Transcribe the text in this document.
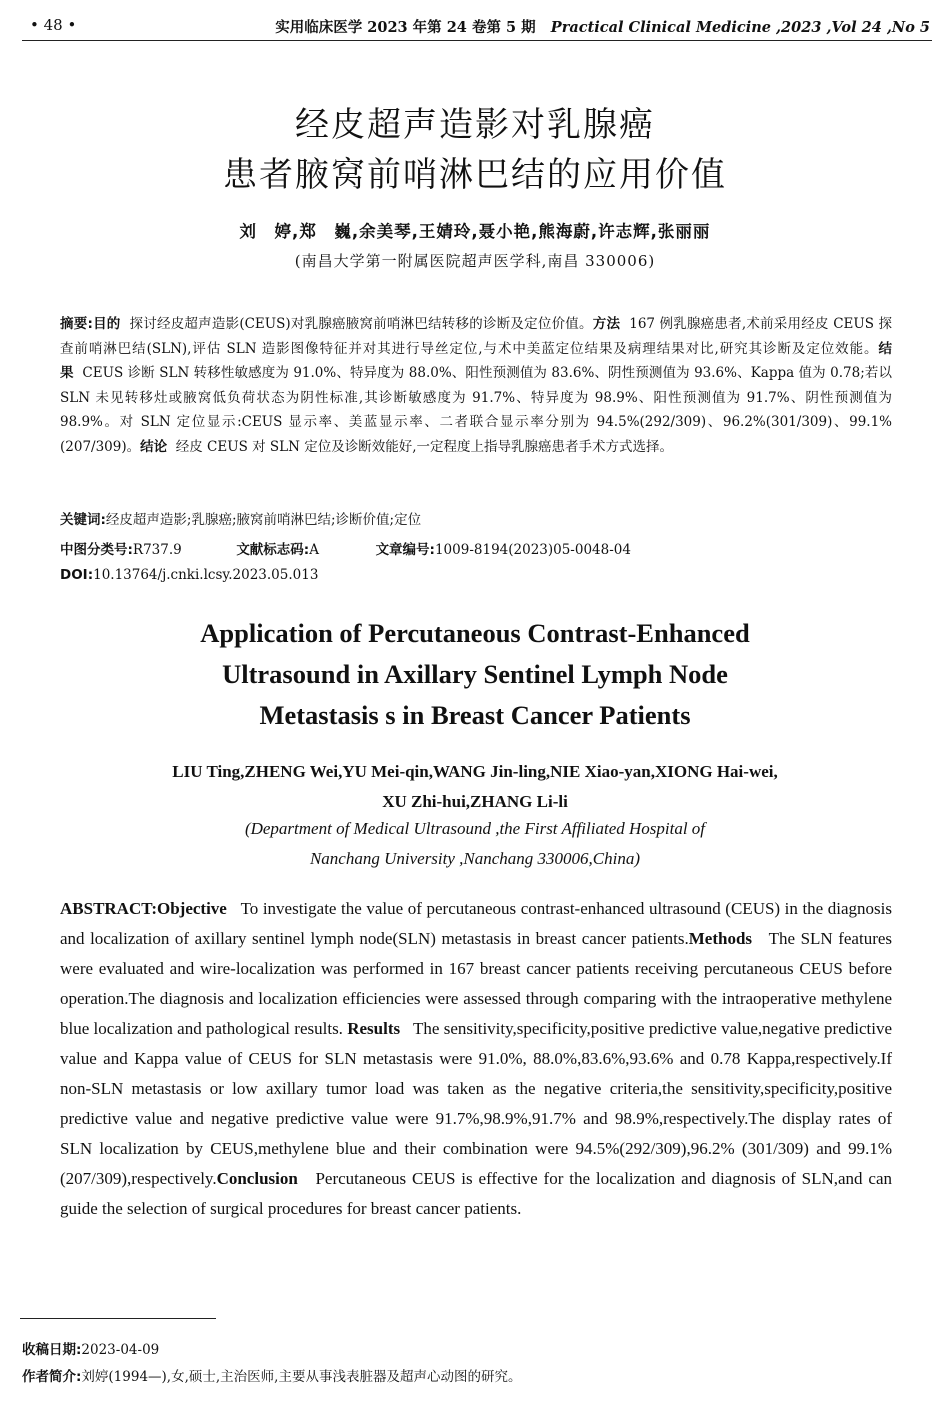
• 48 •	实用临床医学 2023 年第 24 卷第 5 期 Practical Clinical Medicine ,2023 ,Vol 24 ,No 5
经皮超声造影对乳腺癌
患者腋窝前哨淋巴结的应用价值
刘　婷,郑　巍,余美琴,王婧玲,聂小艳,熊海蔚,许志辉,张丽丽
(南昌大学第一附属医院超声医学科,南昌 330006)
摘要:目的 探讨经皮超声造影(CEUS)对乳腺癌腋窝前哨淋巴结转移的诊断及定位价值。方法 167 例乳腺癌患者,术前采用经皮 CEUS 探查前哨淋巴结(SLN),评估 SLN 造影图像特征并对其进行导丝定位,与术中美蓝定位结果及病理结果对比,研究其诊断及定位效能。结果 CEUS 诊断 SLN 转移性敏感度为 91.0%、特异度为 88.0%、阳性预测值为 83.6%、阴性预测值为 93.6%、Kappa 值为 0.78;若以 SLN 未见转移灶或腋窝低负荷状态为阴性标准,其诊断敏感度为 91.7%、特异度为 98.9%、阳性预测值为 91.7%、阴性预测值为 98.9%。对 SLN 定位显示:CEUS 显示率、美蓝显示率、二者联合显示率分别为 94.5%(292/309)、96.2%(301/309)、99.1%(207/309)。结论 经皮 CEUS 对 SLN 定位及诊断效能好,一定程度上指导乳腺癌患者手术方式选择。
关键词:经皮超声造影;乳腺癌;腋窝前哨淋巴结;诊断价值;定位
中图分类号:R737.9	文献标志码:A	文章编号:1009-8194(2023)05-0048-04
DOI:10.13764/j.cnki.lcsy.2023.05.013
Application of Percutaneous Contrast-Enhanced
Ultrasound in Axillary Sentinel Lymph Node
Metastasis s in Breast Cancer Patients
LIU Ting,ZHENG Wei,YU Mei-qin,WANG Jin-ling,NIE Xiao-yan,XIONG Hai-wei,
XU Zhi-hui,ZHANG Li-li
(Department of Medical Ultrasound ,the First Affiliated Hospital of
Nanchang University ,Nanchang 330006,China)
ABSTRACT:Objective To investigate the value of percutaneous contrast-enhanced ultrasound (CEUS) in the diagnosis and localization of axillary sentinel lymph node(SLN) metastasis in breast cancer patients.Methods The SLN features were evaluated and wire-localization was performed in 167 breast cancer patients receiving percutaneous CEUS before operation.The diagnosis and localization efficiencies were assessed through comparing with the intraoperative methylene blue localization and pathological results. Results The sensitivity,specificity,positive predictive value,negative predictive value and Kappa value of CEUS for SLN metastasis were 91.0%, 88.0%,83.6%,93.6% and 0.78 Kappa,respectively.If non-SLN metastasis or low axillary tumor load was taken as the negative criteria,the sensitivity,specificity,positive predictive value and negative predictive value were 91.7%,98.9%,91.7% and 98.9%,respectively.The display rates of SLN localization by CEUS,methylene blue and their combination were 94.5%(292/309),96.2% (301/309) and 99.1%(207/309),respectively.Conclusion Percutaneous CEUS is effective for the localization and diagnosis of SLN,and can guide the selection of surgical procedures for breast cancer patients.
收稿日期:2023-04-09
作者简介:刘婷(1994—),女,硕士,主治医师,主要从事浅表脏器及超声心动图的研究。
